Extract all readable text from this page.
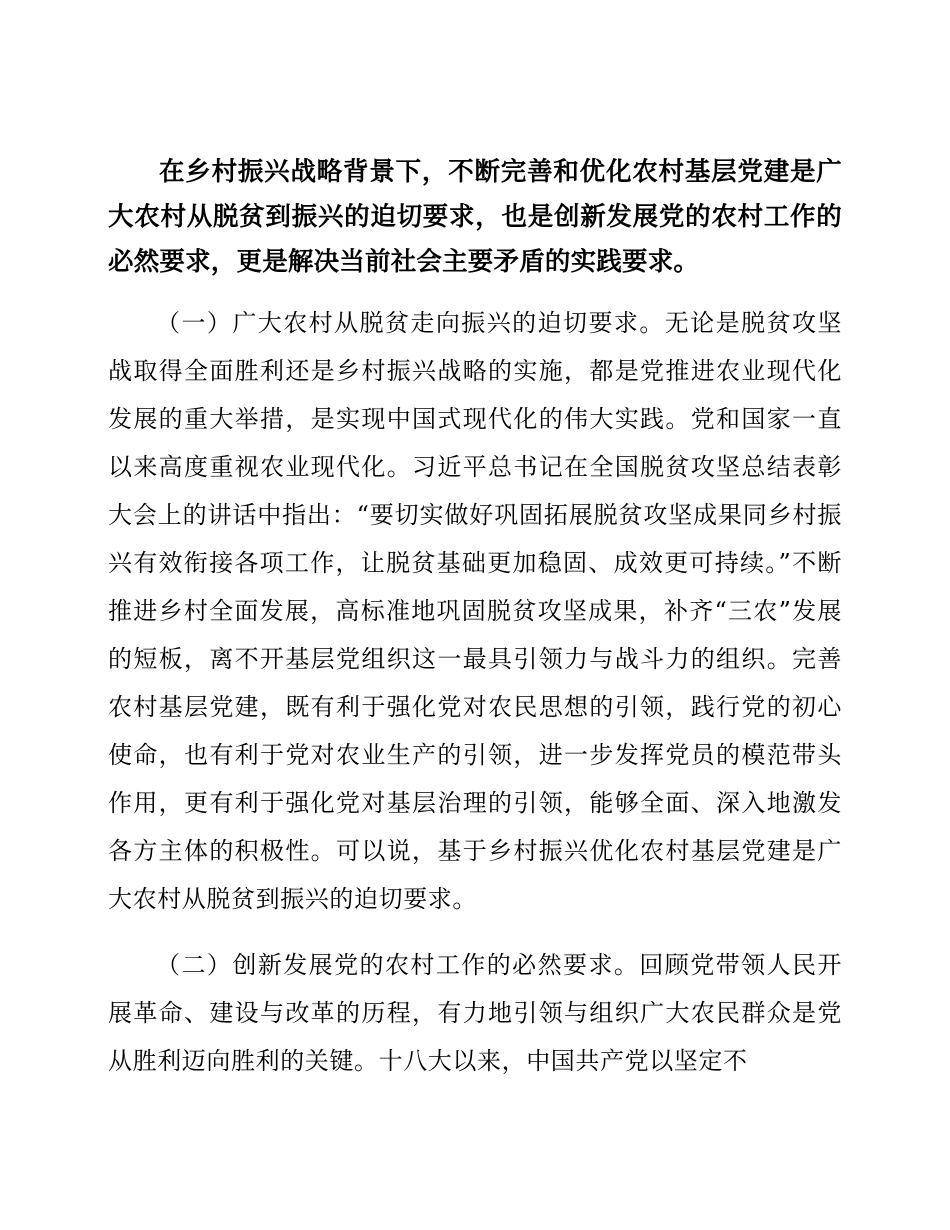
在乡村振兴战略背景下，不断完善和优化农村基层党建是广大农村从脱贫到振兴的迫切要求，也是创新发展党的农村工作的必然要求，更是解决当前社会主要矛盾的实践要求。

（一）广大农村从脱贫走向振兴的迫切要求。无论是脱贫攻坚战取得全面胜利还是乡村振兴战略的实施，都是党推进农业现代化发展的重大举措，是实现中国式现代化的伟大实践。党和国家一直以来高度重视农业现代化。习近平总书记在全国脱贫攻坚总结表彰大会上的讲话中指出：“要切实做好巩固拓展脱贫攻坚成果同乡村振兴有效衔接各项工作，让脱贫基础更加稳固、成效更可持续。”不断推进乡村全面发展，高标准地巩固脱贫攻坚成果，补齐“三农”发展的短板，离不开基层党组织这一最具引领力与战斗力的组织。完善农村基层党建，既有利于强化党对农民思想的引领，践行党的初心使命，也有利于党对农业生产的引领，进一步发挥党员的模范带头作用，更有利于强化党对基层治理的引领，能够全面、深入地激发各方主体的积极性。可以说，基于乡村振兴优化农村基层党建是广大农村从脱贫到振兴的迫切要求。

（二）创新发展党的农村工作的必然要求。回顾党带领人民开展革命、建设与改革的历程，有力地引领与组织广大农民群众是党从胜利迈向胜利的关键。十八大以来，中国共产党以坚定不
